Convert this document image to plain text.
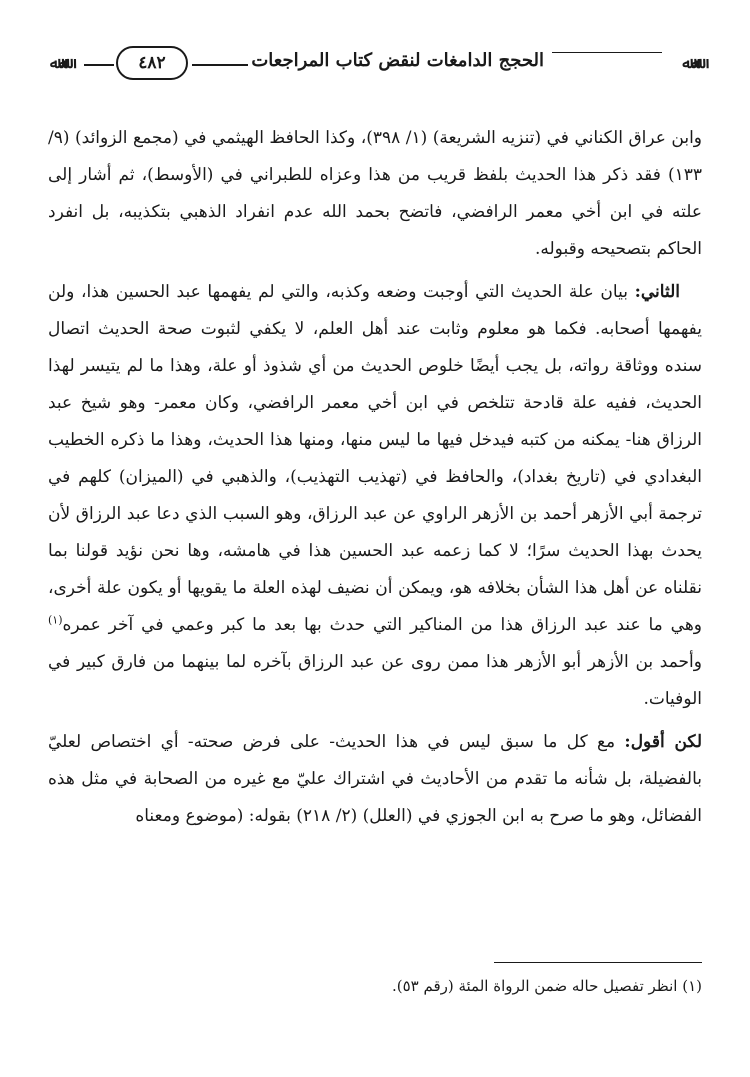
ﷲﷲ
الحجج الدامغات لنقض كتاب المراجعات
٤٨٢
ﷲﷲ

وابن عراق الكناني في (تنزيه الشريعة) (١/ ٣٩٨)، وكذا الحافظ الهيثمي في (مجمع الزوائد) (٩/ ١٣٣) فقد ذكر هذا الحديث بلفظ قريب من هذا وعزاه للطبراني في (الأوسط)، ثم أشار إلى علته في ابن أخي معمر الرافضي، فاتضح بحمد الله عدم انفراد الذهبي بتكذيبه، بل انفرد الحاكم بتصحيحه وقبوله.

الثاني: بيان علة الحديث التي أوجبت وضعه وكذبه، والتي لم يفهمها عبد الحسين هذا، ولن يفهمها أصحابه. فكما هو معلوم وثابت عند أهل العلم، لا يكفي لثبوت صحة الحديث اتصال سنده ووثاقة رواته، بل يجب أيضًا خلوص الحديث من أي شذوذ أو علة، وهذا ما لم يتيسر لهذا الحديث، ففيه علة قادحة تتلخص في ابن أخي معمر الرافضي، وكان معمر- وهو شيخ عبد الرزاق هنا- يمكنه من كتبه فيدخل فيها ما ليس منها، ومنها هذا الحديث، وهذا ما ذكره الخطيب البغدادي في (تاريخ بغداد)، والحافظ في (تهذيب التهذيب)، والذهبي في (الميزان) كلهم في ترجمة أبي الأزهر أحمد بن الأزهر الراوي عن عبد الرزاق، وهو السبب الذي دعا عبد الرزاق لأن يحدث بهذا الحديث سرًا؛ لا كما زعمه عبد الحسين هذا في هامشه، وها نحن نؤيد قولنا بما نقلناه عن أهل هذا الشأن بخلافه هو، ويمكن أن نضيف لهذه العلة ما يقويها أو يكون علة أخرى، وهي ما عند عبد الرزاق هذا من المناكير التي حدث بها بعد ما كبر وعمي في آخر عمره$^{(١)}$ وأحمد بن الأزهر أبو الأزهر هذا ممن روى عن عبد الرزاق بآخره لما بينهما من فارق كبير في الوفيات.

لكن أقول: مع كل ما سبق ليس في هذا الحديث- على فرض صحته- أي اختصاص لعليّ بالفضيلة، بل شأنه ما تقدم من الأحاديث في اشتراك عليّ مع غيره من الصحابة في مثل هذه الفضائل، وهو ما صرح به ابن الجوزي في (العلل) (٢/ ٢١٨) بقوله: (موضوع ومعناه

(١) انظر تفصيل حاله ضمن الرواة المئة (رقم ٥٣).
